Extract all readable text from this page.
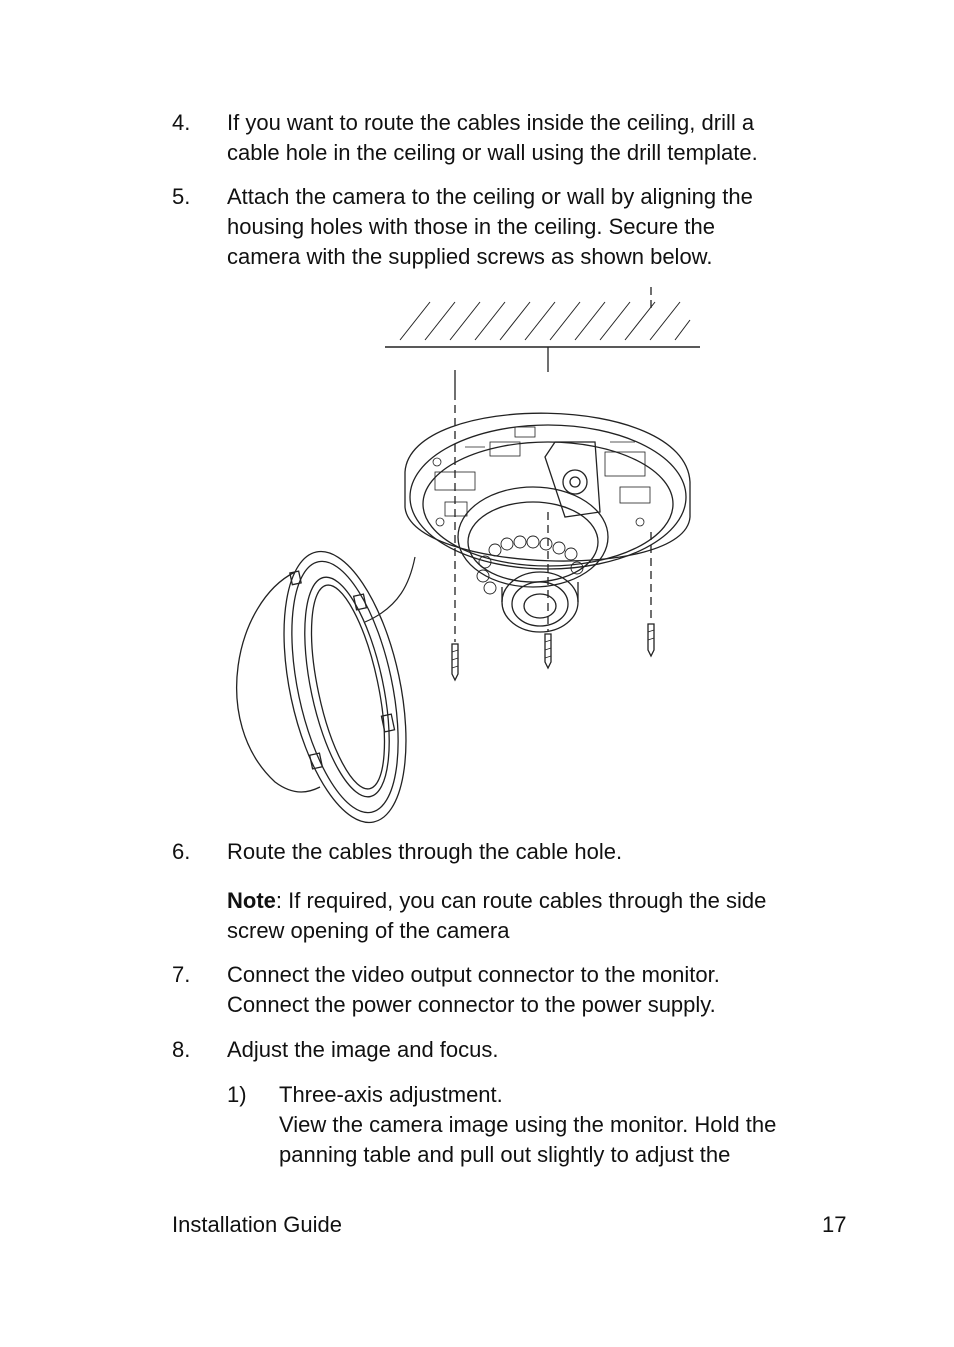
4. If you want to route the cables inside the ceiling, drill a
cable hole in the ceiling or wall using the drill template.
5. Attach the camera to the ceiling or wall by aligning the
housing holes with those in the ceiling. Secure the
camera with the supplied screws as shown below.
6. Route the cables through the cable hole.
Note: If required, you can route cables through the side
screw opening of the camera
7. Connect the video output connector to the monitor.
Connect the power connector to the power supply.
8. Adjust the image and focus.
1) Three-axis adjustment.
View the camera image using the monitor. Hold the
panning table and pull out slightly to adjust the
Installation Guide	17
